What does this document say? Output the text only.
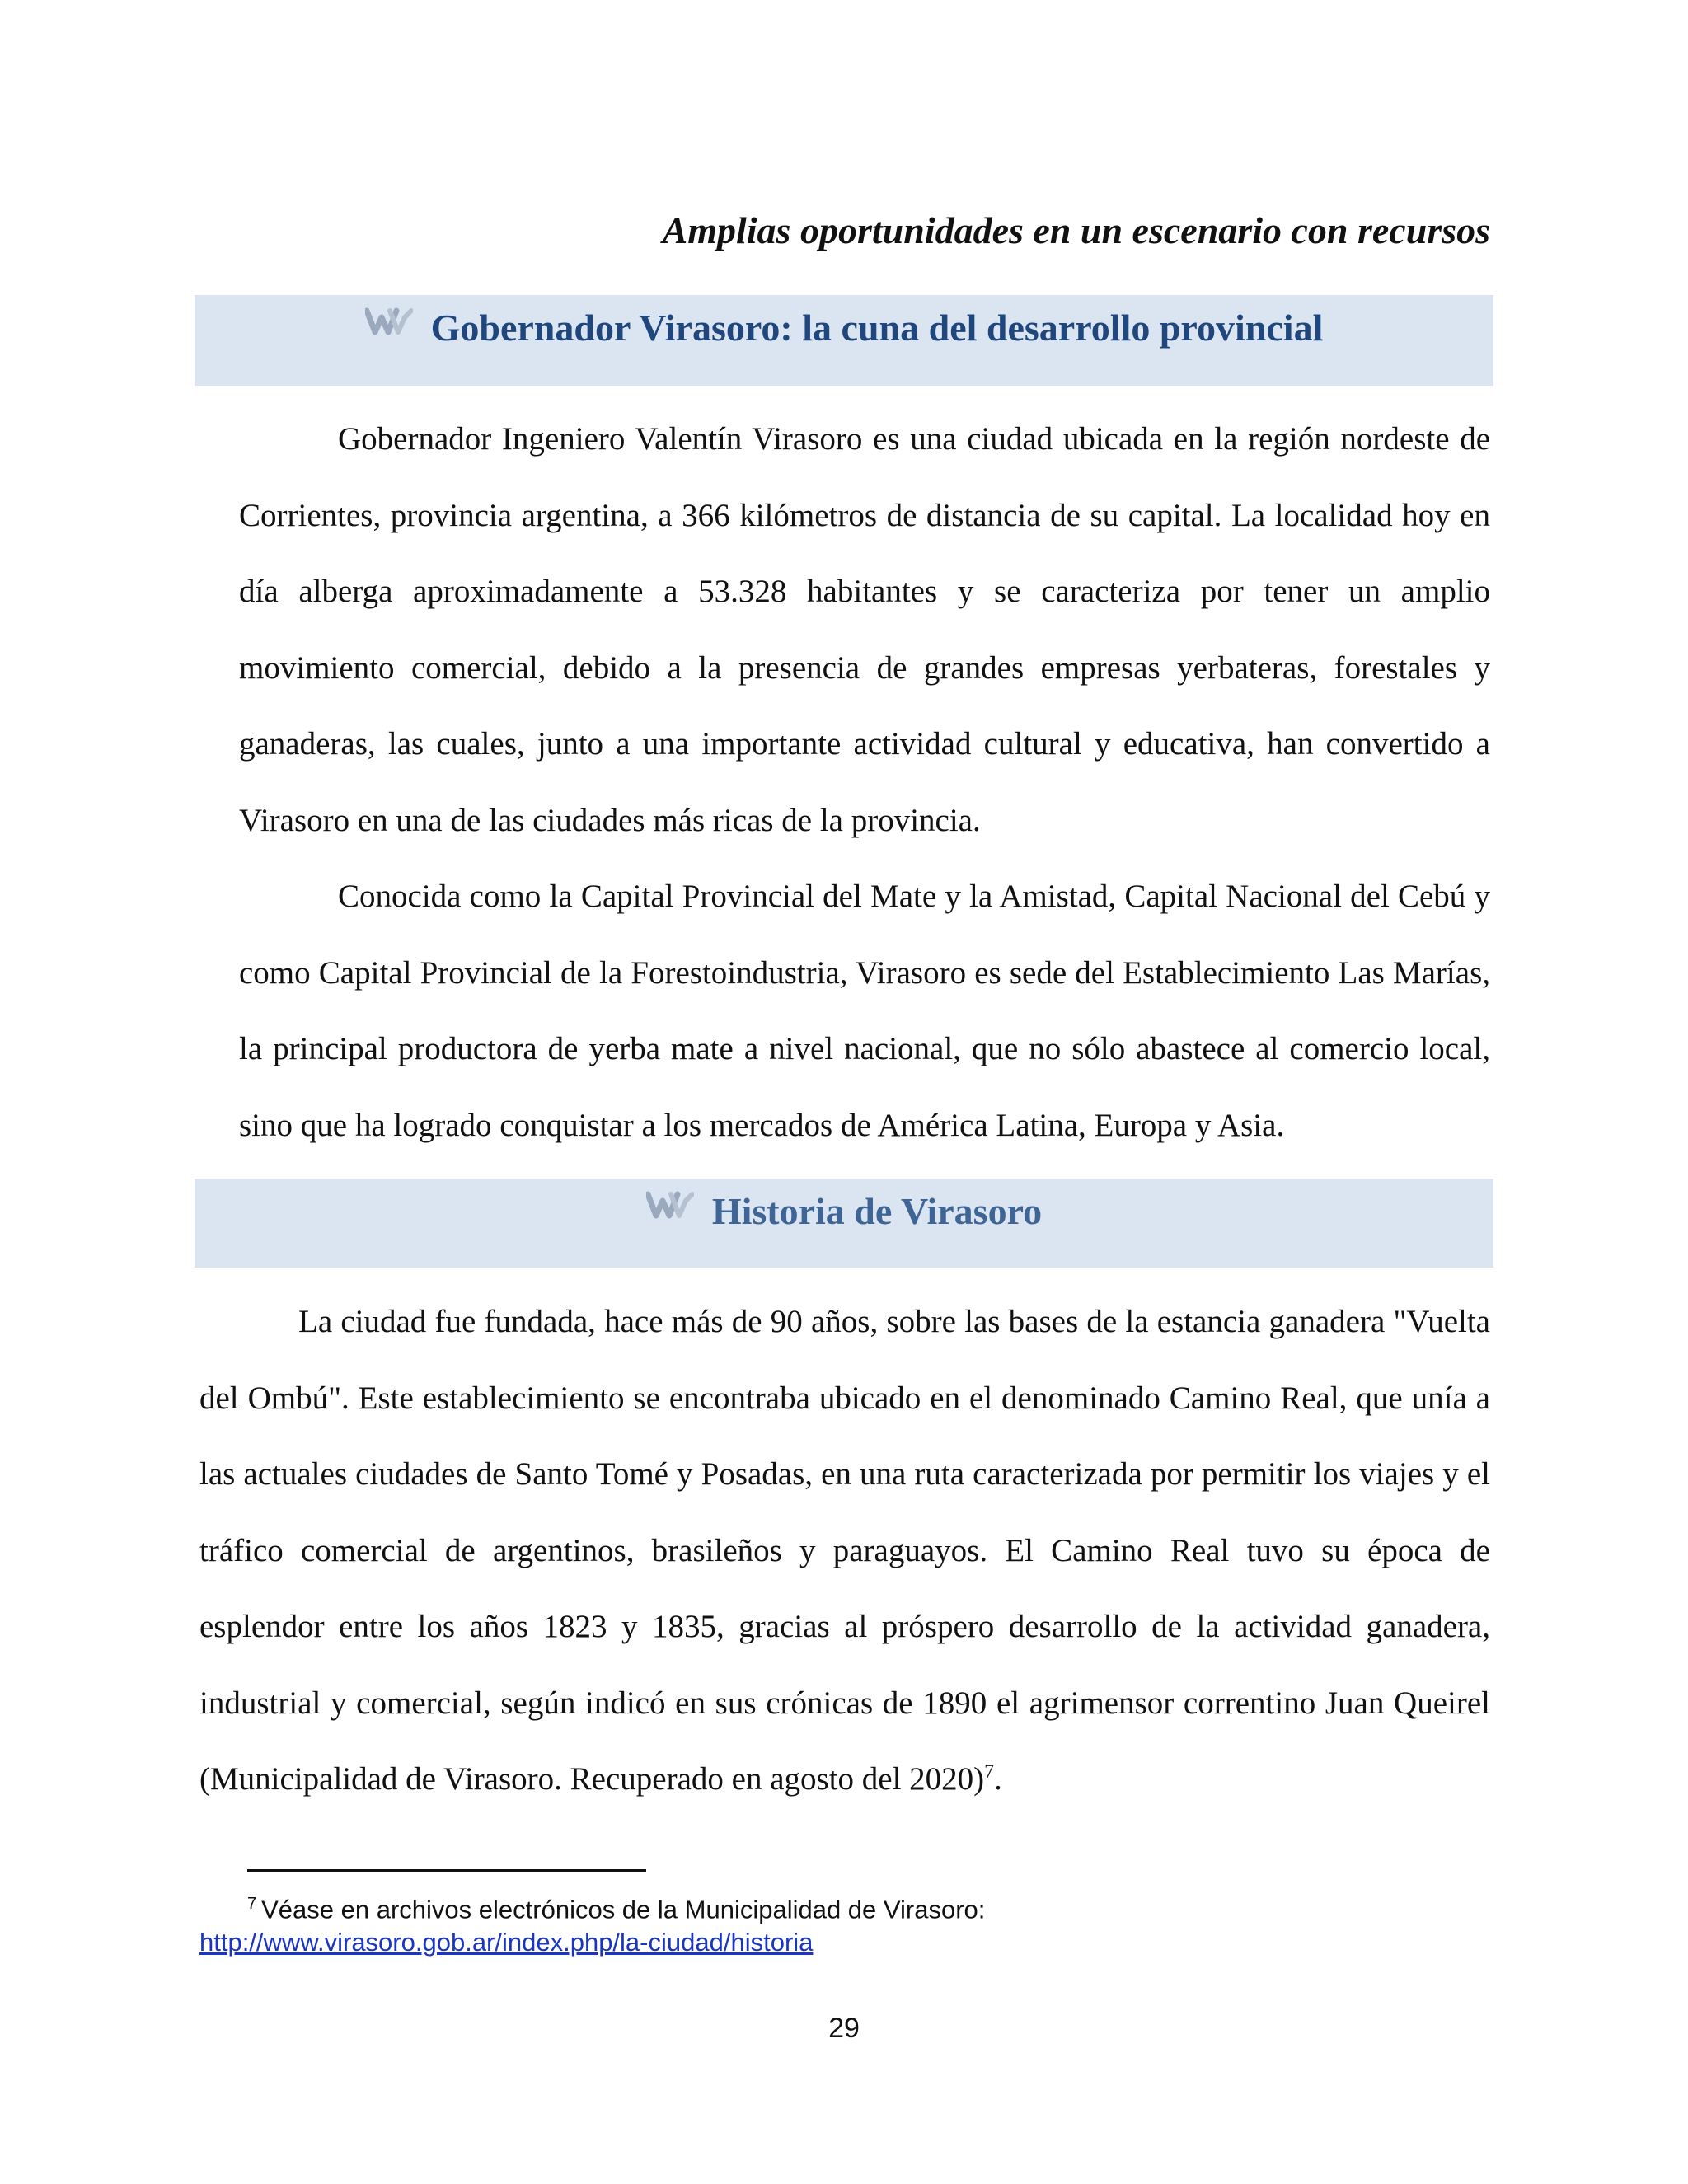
Amplias oportunidades en un escenario con recursos
Gobernador Virasoro: la cuna del desarrollo provincial

Gobernador Ingeniero Valentín Virasoro es una ciudad ubicada en la región nordeste de Corrientes, provincia argentina, a 366 kilómetros de distancia de su capital. La localidad hoy en día alberga aproximadamente a 53.328 habitantes y se caracteriza por tener un amplio movimiento comercial, debido a la presencia de grandes empresas yerbateras, forestales y ganaderas, las cuales, junto a una importante actividad cultural y educativa, han convertido a Virasoro en una de las ciudades más ricas de la provincia.

Conocida como la Capital Provincial del Mate y la Amistad, Capital Nacional del Cebú y como Capital Provincial de la Forestoindustria, Virasoro es sede del Establecimiento Las Marías, la principal productora de yerba mate a nivel nacional, que no sólo abastece al comercio local, sino que ha logrado conquistar a los mercados de América Latina, Europa y Asia.

Historia de Virasoro

La ciudad fue fundada, hace más de 90 años, sobre las bases de la estancia ganadera "Vuelta del Ombú". Este establecimiento se encontraba ubicado en el denominado Camino Real, que unía a las actuales ciudades de Santo Tomé y Posadas, en una ruta caracterizada por permitir los viajes y el tráfico comercial de argentinos, brasileños y paraguayos. El Camino Real tuvo su época de esplendor entre los años 1823 y 1835, gracias al próspero desarrollo de la actividad ganadera, industrial y comercial, según indicó en sus crónicas de 1890 el agrimensor correntino Juan Queirel (Municipalidad de Virasoro. Recuperado en agosto del 2020)$^7$.

$^7$ Véase en archivos electrónicos de la Municipalidad de Virasoro:
http://www.virasoro.gob.ar/index.php/la-ciudad/historia
29
